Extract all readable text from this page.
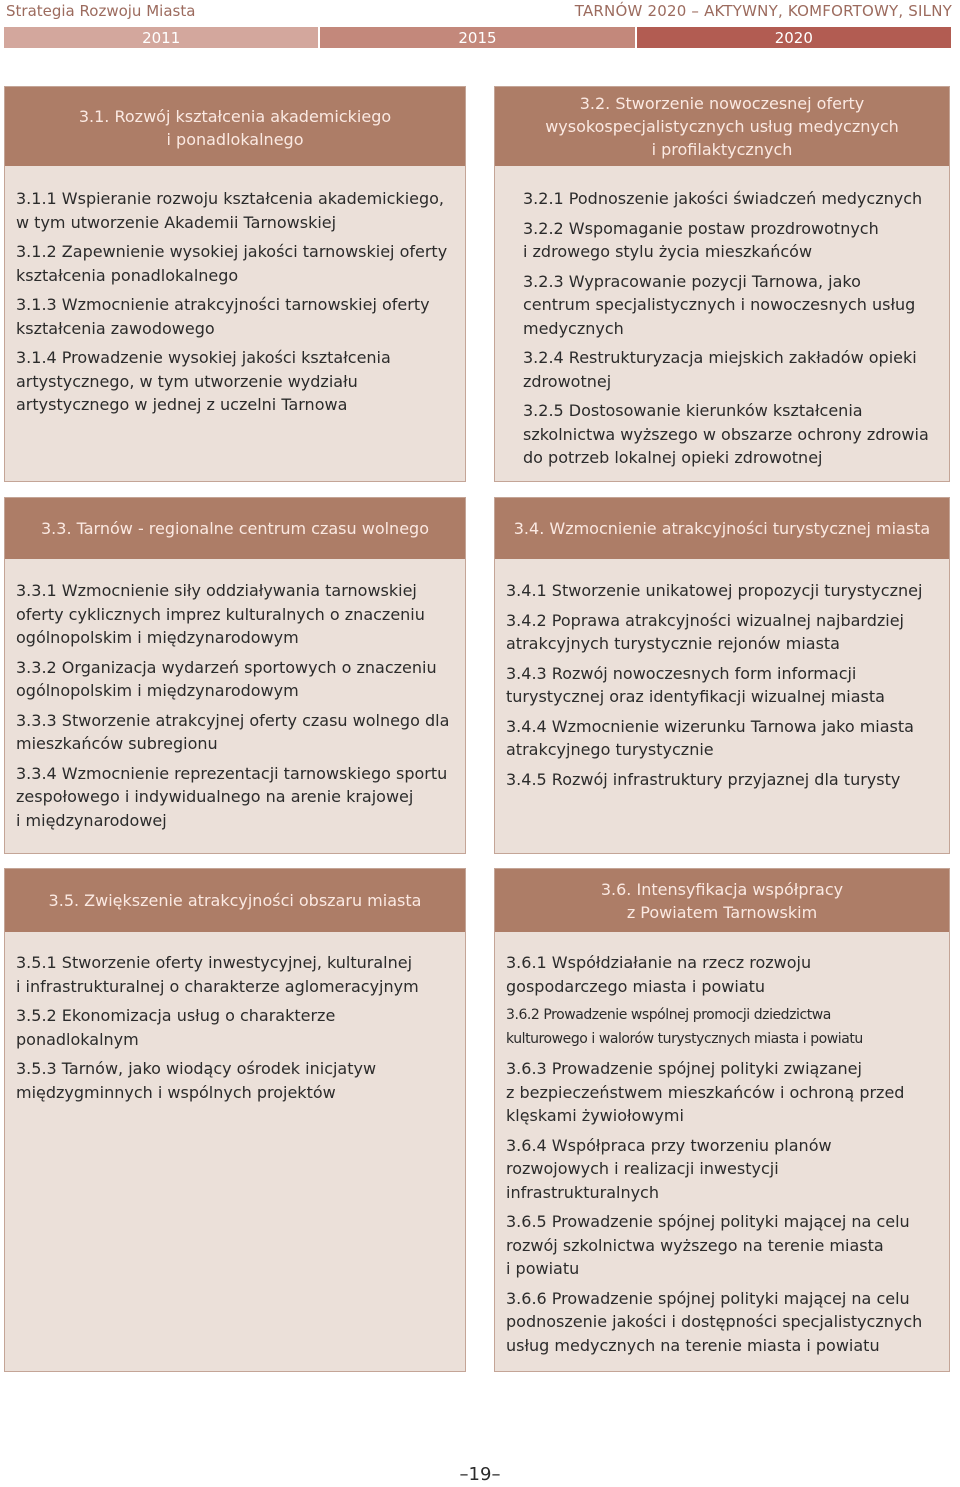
Strategia Rozwoju Miasta	TARNÓW 2020 – AKTYWNY, KOMFORTOWY, SILNY
2011	2015	2020
3.1. Rozwój kształcenia akademickiego
i ponadlokalnego
3.1.1 Wspieranie rozwoju kształcenia akademickiego,
w tym utworzenie Akademii Tarnowskiej
3.1.2 Zapewnienie wysokiej jakości tarnowskiej oferty
kształcenia ponadlokalnego
3.1.3 Wzmocnienie atrakcyjności tarnowskiej oferty
kształcenia zawodowego
3.1.4 Prowadzenie wysokiej jakości kształcenia
artystycznego, w tym utworzenie wydziału
artystycznego w jednej z uczelni Tarnowa
3.2. Stworzenie nowoczesnej oferty
wysokospecjalistycznych usług medycznych
i profilaktycznych
3.2.1 Podnoszenie jakości świadczeń medycznych
3.2.2 Wspomaganie postaw prozdrowotnych
i zdrowego stylu życia mieszkańców
3.2.3 Wypracowanie pozycji Tarnowa, jako
centrum specjalistycznych i nowoczesnych usług
medycznych
3.2.4 Restrukturyzacja miejskich zakładów opieki
zdrowotnej
3.2.5 Dostosowanie kierunków kształcenia
szkolnictwa wyższego w obszarze ochrony zdrowia
do potrzeb lokalnej opieki zdrowotnej
3.3. Tarnów - regionalne centrum czasu wolnego
3.3.1 Wzmocnienie siły oddziaływania tarnowskiej
oferty cyklicznych imprez kulturalnych o znaczeniu
ogólnopolskim i międzynarodowym
3.3.2 Organizacja wydarzeń sportowych o znaczeniu
ogólnopolskim i międzynarodowym
3.3.3 Stworzenie atrakcyjnej oferty czasu wolnego dla
mieszkańców subregionu
3.3.4 Wzmocnienie reprezentacji tarnowskiego sportu
zespołowego i indywidualnego na arenie krajowej
i międzynarodowej
3.4. Wzmocnienie atrakcyjności turystycznej miasta
3.4.1 Stworzenie unikatowej propozycji turystycznej
3.4.2 Poprawa atrakcyjności wizualnej najbardziej
atrakcyjnych turystycznie rejonów miasta
3.4.3 Rozwój nowoczesnych form informacji
turystycznej oraz identyfikacji wizualnej miasta
3.4.4 Wzmocnienie wizerunku Tarnowa jako miasta
atrakcyjnego turystycznie
3.4.5 Rozwój infrastruktury przyjaznej dla turysty
3.5. Zwiększenie atrakcyjności obszaru miasta
3.5.1 Stworzenie oferty inwestycyjnej, kulturalnej
i infrastrukturalnej o charakterze aglomeracyjnym
3.5.2 Ekonomizacja usług o charakterze
ponadlokalnym
3.5.3 Tarnów, jako wiodący ośrodek inicjatyw
międzygminnych i wspólnych projektów
3.6. Intensyfikacja współpracy
z Powiatem Tarnowskim
3.6.1 Współdziałanie na rzecz rozwoju
gospodarczego miasta i powiatu
3.6.2 Prowadzenie wspólnej promocji dziedzictwa
kulturowego i walorów turystycznych miasta i powiatu
3.6.3 Prowadzenie spójnej polityki związanej
z bezpieczeństwem mieszkańców i ochroną przed
klęskami żywiołowymi
3.6.4 Współpraca przy tworzeniu planów
rozwojowych i realizacji inwestycji
infrastrukturalnych
3.6.5 Prowadzenie spójnej polityki mającej na celu
rozwój szkolnictwa wyższego na terenie miasta
i powiatu
3.6.6 Prowadzenie spójnej polityki mającej na celu
podnoszenie jakości i dostępności specjalistycznych
usług medycznych na terenie miasta i powiatu
–19–
